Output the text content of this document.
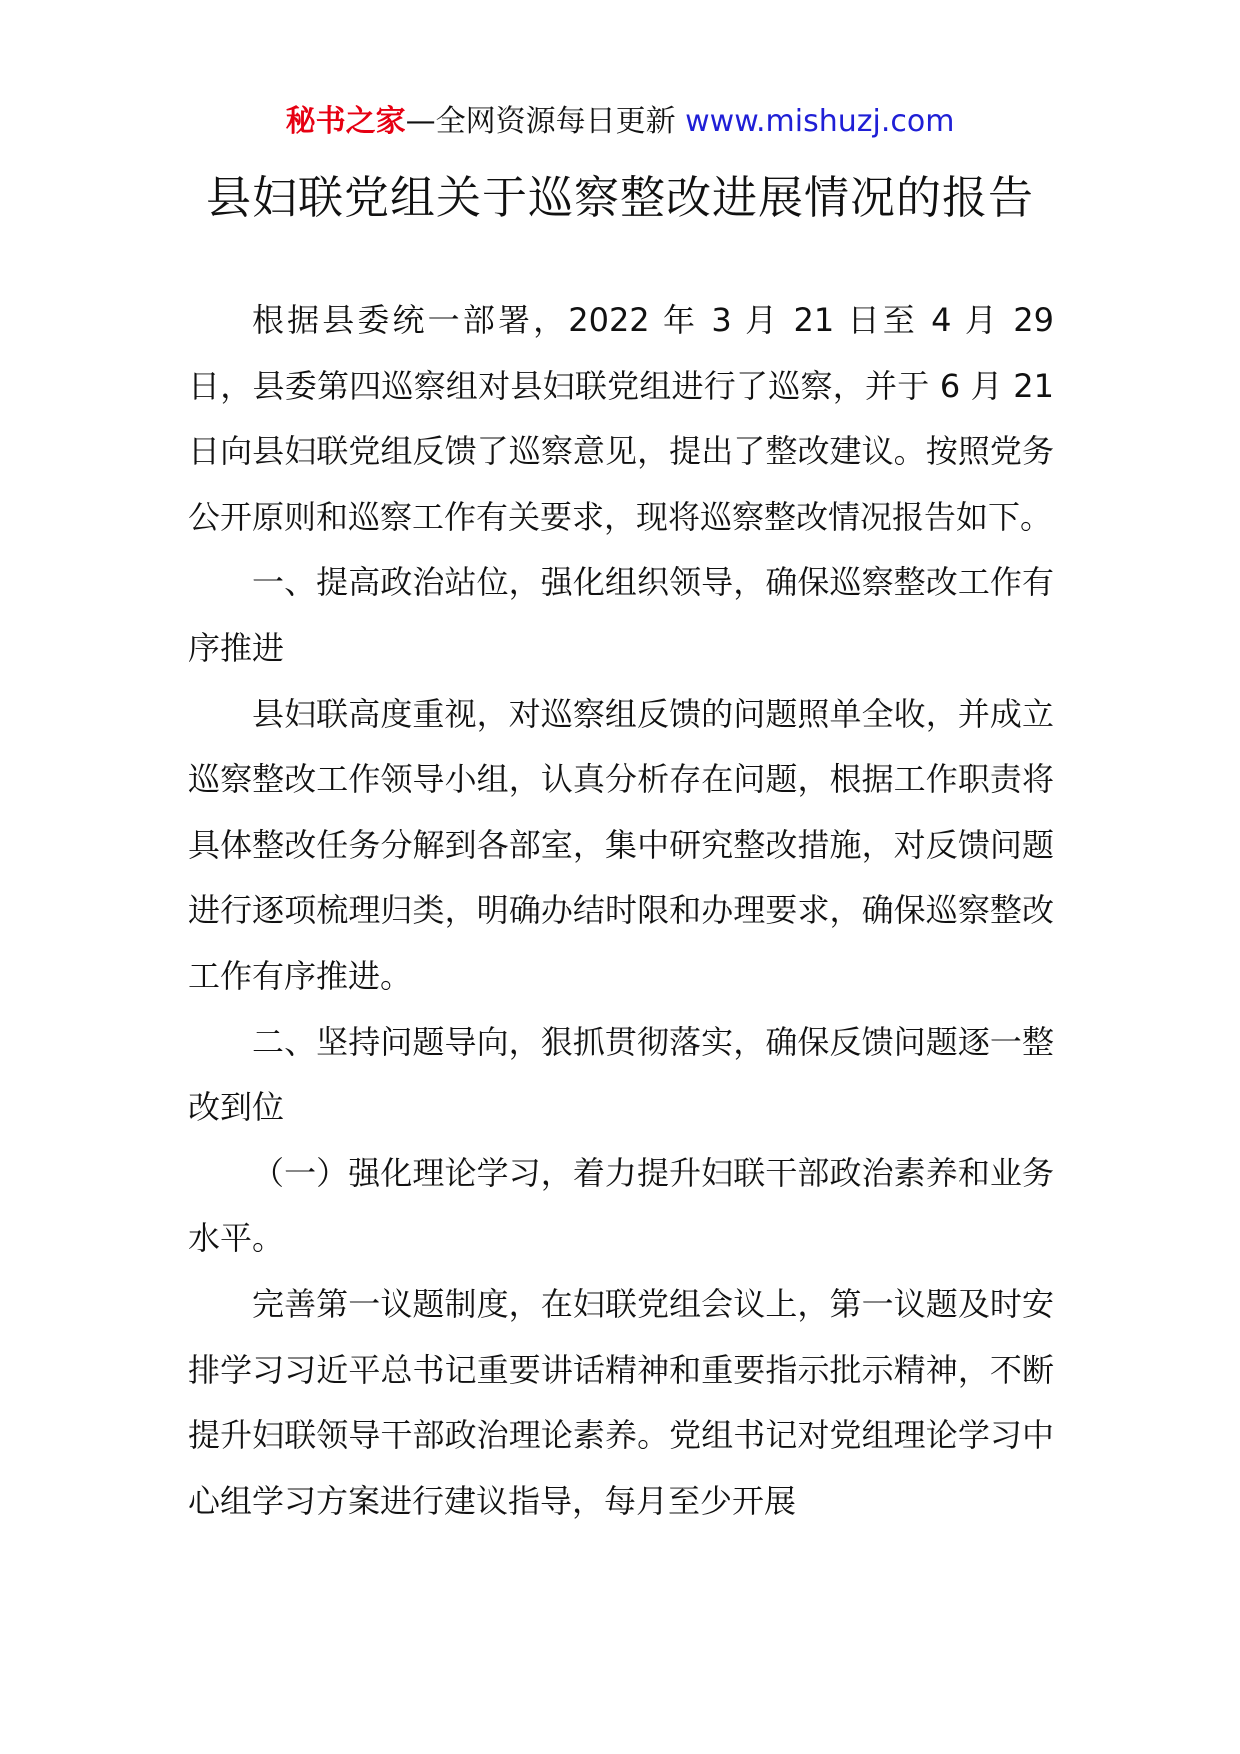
秘书之家—全网资源每日更新 www.mishuzj.com
县妇联党组关于巡察整改进展情况的报告

根据县委统一部署，2022 年 3 月 21 日至 4 月 29 日，县委第四巡察组对县妇联党组进行了巡察，并于 6 月 21 日向县妇联党组反馈了巡察意见，提出了整改建议。按照党务公开原则和巡察工作有关要求，现将巡察整改情况报告如下。

一、提高政治站位，强化组织领导，确保巡察整改工作有序推进

县妇联高度重视，对巡察组反馈的问题照单全收，并成立巡察整改工作领导小组，认真分析存在问题，根据工作职责将具体整改任务分解到各部室，集中研究整改措施，对反馈问题进行逐项梳理归类，明确办结时限和办理要求，确保巡察整改工作有序推进。

二、坚持问题导向，狠抓贯彻落实，确保反馈问题逐一整改到位

（一）强化理论学习，着力提升妇联干部政治素养和业务水平。

完善第一议题制度，在妇联党组会议上，第一议题及时安排学习习近平总书记重要讲话精神和重要指示批示精神，不断提升妇联领导干部政治理论素养。党组书记对党组理论学习中心组学习方案进行建议指导，每月至少开展
